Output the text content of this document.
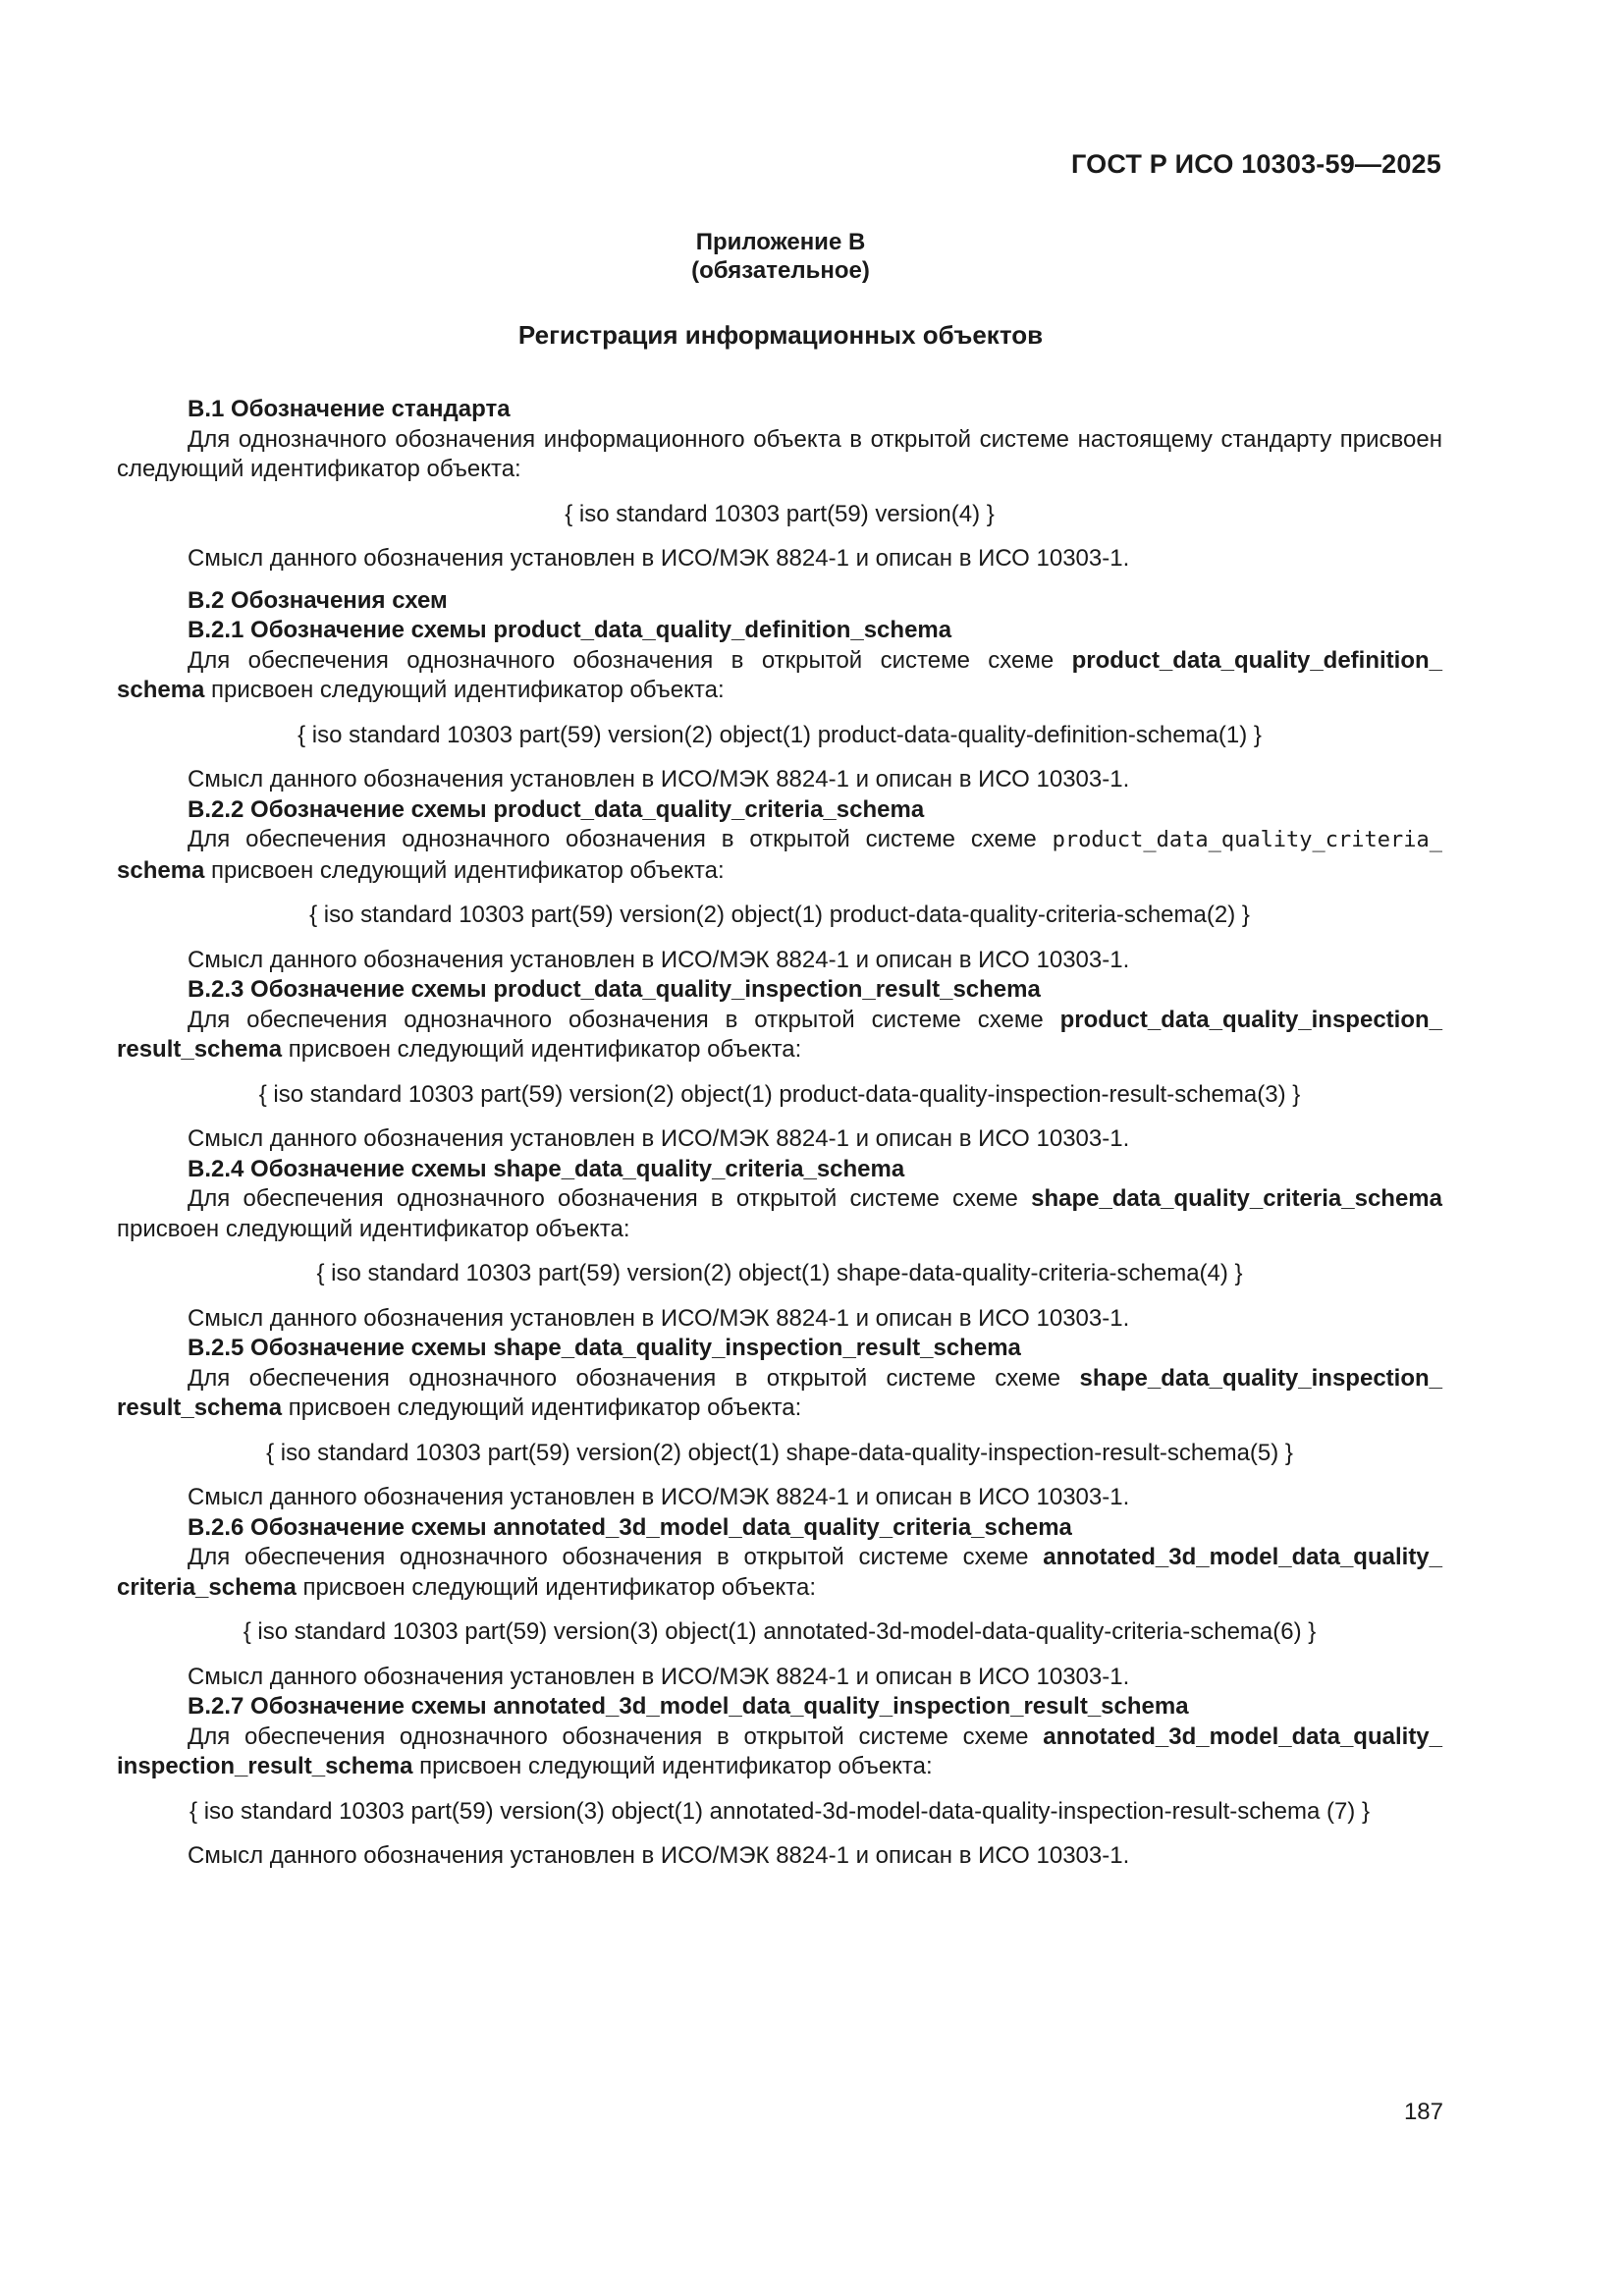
ГОСТ Р ИСО 10303-59—2025
Приложение В
(обязательное)
Регистрация информационных объектов

В.1 Обозначение стандарта

Для однозначного обозначения информационного объекта в открытой системе настоящему стандарту присвоен следующий идентификатор объекта:

{ iso standard 10303 part(59) version(4) }

Смысл данного обозначения установлен в ИСО/МЭК 8824-1 и описан в ИСО 10303-1.

В.2 Обозначения схем

В.2.1 Обозначение схемы product_data_quality_definition_schema

Для обеспечения однозначного обозначения в открытой системе схеме product_data_quality_definition_ schema присвоен следующий идентификатор объекта:

{ iso standard 10303 part(59) version(2) object(1) product-data-quality-definition-schema(1) }

Смысл данного обозначения установлен в ИСО/МЭК 8824-1 и описан в ИСО 10303-1.

В.2.2 Обозначение схемы product_data_quality_criteria_schema

Для обеспечения однозначного обозначения в открытой системе схеме product_data_quality_criteria_ schema присвоен следующий идентификатор объекта:

{ iso standard 10303 part(59) version(2) object(1) product-data-quality-criteria-schema(2) }

Смысл данного обозначения установлен в ИСО/МЭК 8824-1 и описан в ИСО 10303-1.

В.2.3 Обозначение схемы product_data_quality_inspection_result_schema

Для обеспечения однозначного обозначения в открытой системе схеме product_data_quality_inspection_ result_schema присвоен следующий идентификатор объекта:

{ iso standard 10303 part(59) version(2) object(1) product-data-quality-inspection-result-schema(3) }

Смысл данного обозначения установлен в ИСО/МЭК 8824-1 и описан в ИСО 10303-1.

В.2.4 Обозначение схемы shape_data_quality_criteria_schema

Для обеспечения однозначного обозначения в открытой системе схеме shape_data_quality_criteria_schema присвоен следующий идентификатор объекта:

{ iso standard 10303 part(59) version(2) object(1) shape-data-quality-criteria-schema(4) }

Смысл данного обозначения установлен в ИСО/МЭК 8824-1 и описан в ИСО 10303-1.

В.2.5 Обозначение схемы shape_data_quality_inspection_result_schema

Для обеспечения однозначного обозначения в открытой системе схеме shape_data_quality_inspection_ result_schema присвоен следующий идентификатор объекта:

{ iso standard 10303 part(59) version(2) object(1) shape-data-quality-inspection-result-schema(5) }

Смысл данного обозначения установлен в ИСО/МЭК 8824-1 и описан в ИСО 10303-1.

В.2.6 Обозначение схемы annotated_3d_model_data_quality_criteria_schema

Для обеспечения однозначного обозначения в открытой системе схеме annotated_3d_model_data_quality_ criteria_schema присвоен следующий идентификатор объекта:

{ iso standard 10303 part(59) version(3) object(1) annotated-3d-model-data-quality-criteria-schema(6) }

Смысл данного обозначения установлен в ИСО/МЭК 8824-1 и описан в ИСО 10303-1.

В.2.7 Обозначение схемы annotated_3d_model_data_quality_inspection_result_schema

Для обеспечения однозначного обозначения в открытой системе схеме annotated_3d_model_data_quality_ inspection_result_schema присвоен следующий идентификатор объекта:

{ iso standard 10303 part(59) version(3) object(1) annotated-3d-model-data-quality-inspection-result-schema (7) }

Смысл данного обозначения установлен в ИСО/МЭК 8824-1 и описан в ИСО 10303-1.

187
